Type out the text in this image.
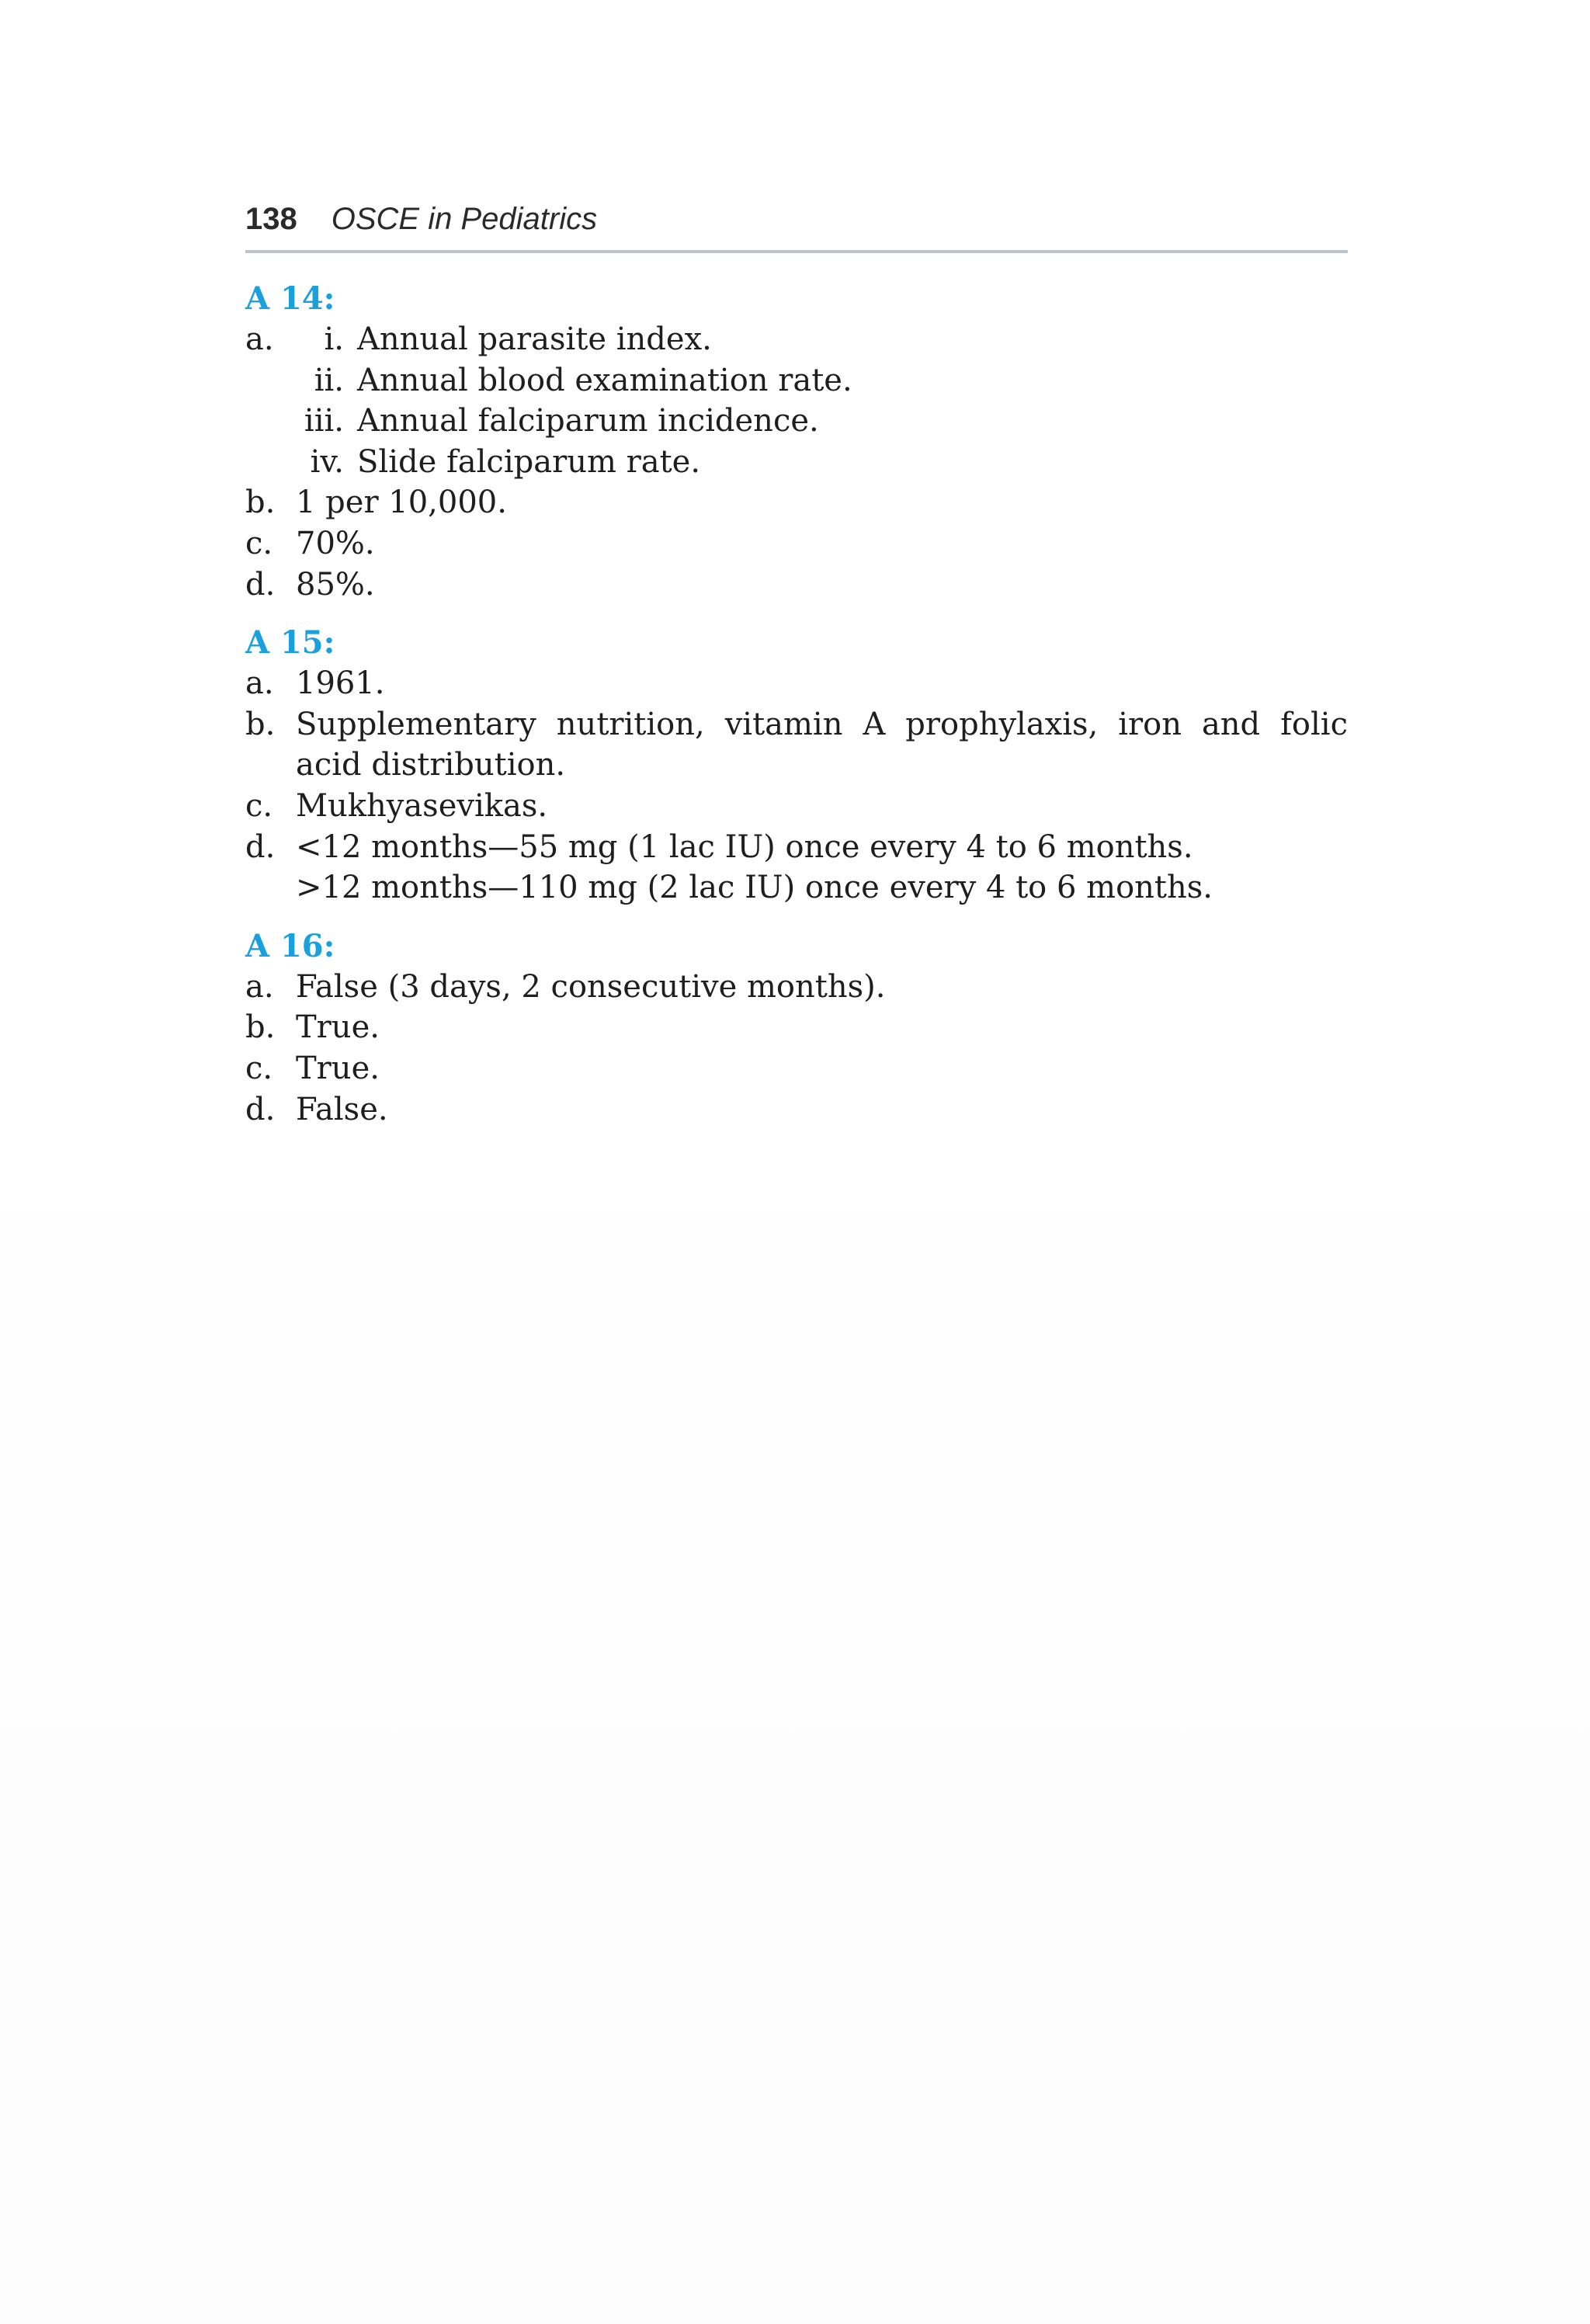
138 OSCE in Pediatrics
A 14:
a.	i. Annual parasite index.
ii. Annual blood examination rate.
iii. Annual falciparum incidence.
iv. Slide falciparum rate.
b. 1 per 10,000.
c. 70%.
d. 85%.
A 15:
a. 1961.
b. Supplementary nutrition, vitamin A prophylaxis, iron and folic acid distribution.
c. Mukhyasevikas.
d. <12 months—55 mg (1 lac IU) once every 4 to 6 months.
>12 months—110 mg (2 lac IU) once every 4 to 6 months.
A 16:
a. False (3 days, 2 consecutive months).
b. True.
c. True.
d. False.
